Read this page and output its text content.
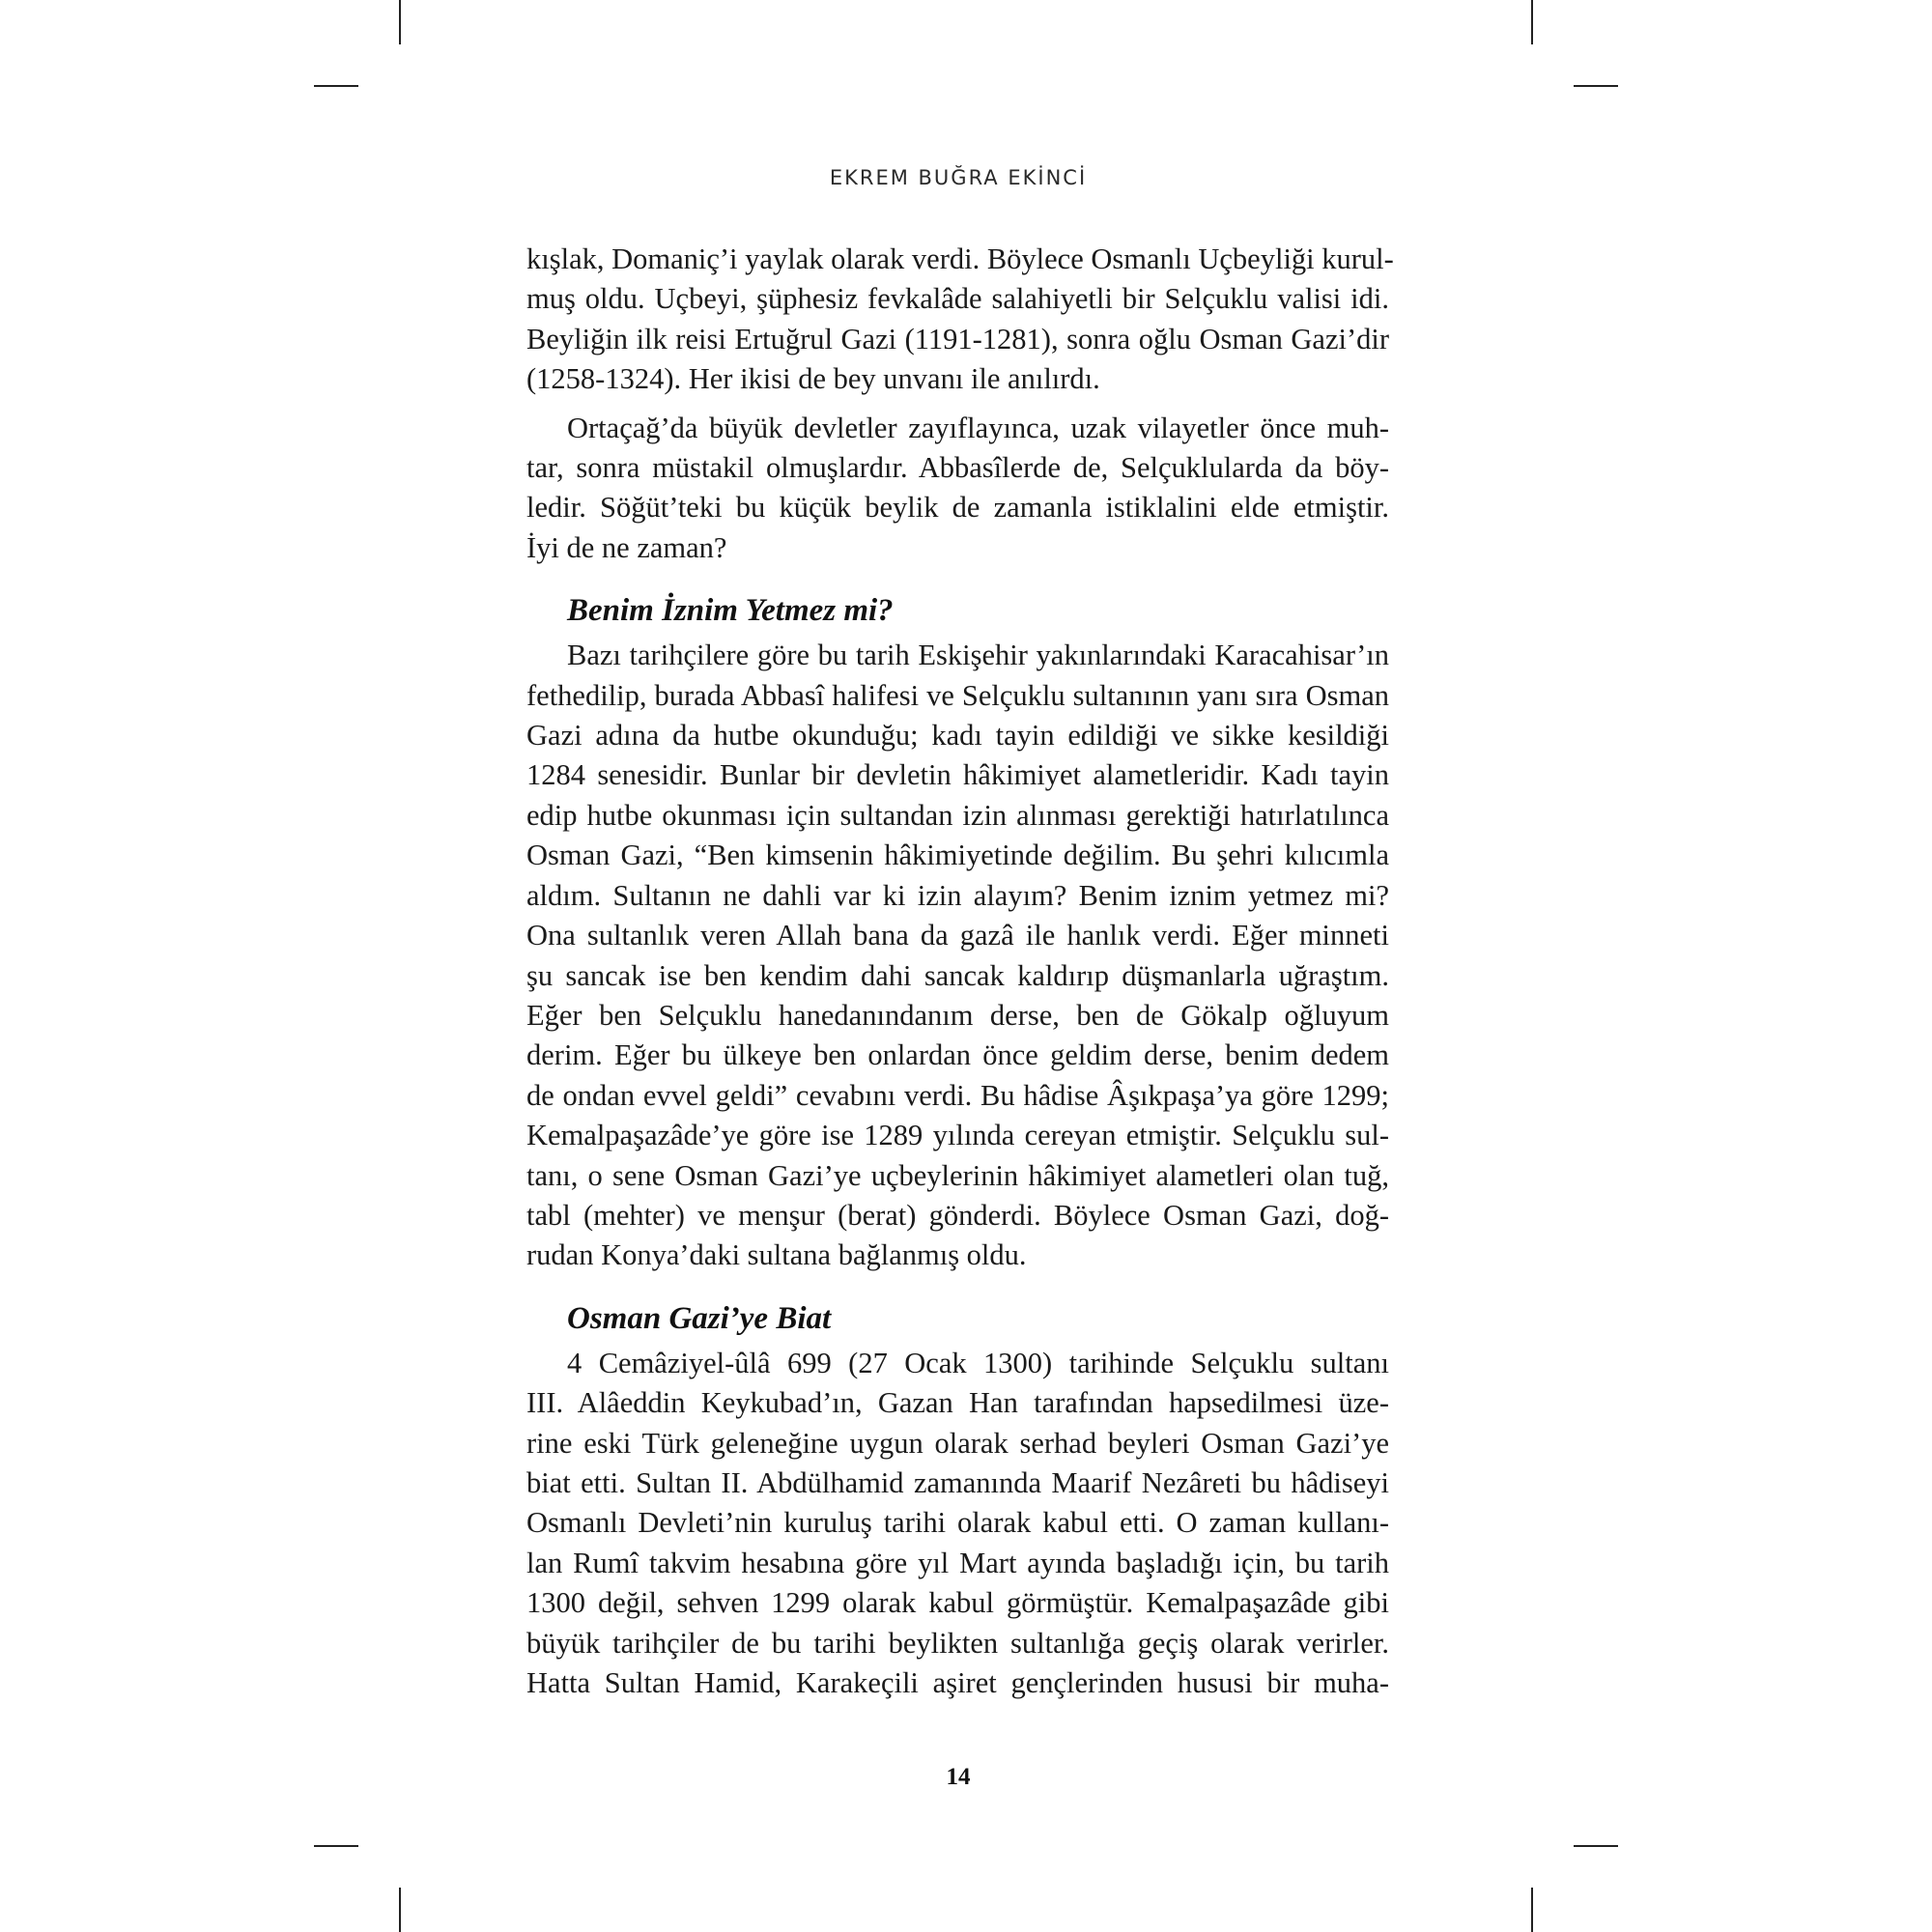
EKREM BUĞRA EKİNCİ

kışlak, Domaniç’i yaylak olarak verdi. Böylece Osmanlı Uçbeyliği kurul-
muş oldu. Uçbeyi, şüphesiz fevkalâde salahiyetli bir Selçuklu valisi idi.
Beyliğin ilk reisi Ertuğrul Gazi (1191-1281), sonra oğlu Osman Gazi’dir
(1258-1324). Her ikisi de bey unvanı ile anılırdı.

Ortaçağ’da büyük devletler zayıflayınca, uzak vilayetler önce muh-
tar, sonra müstakil olmuşlardır. Abbasîlerde de, Selçuklularda da böy-
ledir. Söğüt’teki bu küçük beylik de zamanla istiklalini elde etmiştir.
İyi de ne zaman?

Benim İznim Yetmez mi?

Bazı tarihçilere göre bu tarih Eskişehir yakınlarındaki Karacahisar’ın
fethedilip, burada Abbasî halifesi ve Selçuklu sultanının yanı sıra Osman
Gazi adına da hutbe okunduğu; kadı tayin edildiği ve sikke kesildiği
1284 senesidir. Bunlar bir devletin hâkimiyet alametleridir. Kadı tayin
edip hutbe okunması için sultandan izin alınması gerektiği hatırlatılınca
Osman Gazi, “Ben kimsenin hâkimiyetinde değilim. Bu şehri kılıcımla
aldım. Sultanın ne dahli var ki izin alayım? Benim iznim yetmez mi?
Ona sultanlık veren Allah bana da gazâ ile hanlık verdi. Eğer minneti
şu sancak ise ben kendim dahi sancak kaldırıp düşmanlarla uğraştım.
Eğer ben Selçuklu hanedanındanım derse, ben de Gökalp oğluyum
derim. Eğer bu ülkeye ben onlardan önce geldim derse, benim dedem
de ondan evvel geldi” cevabını verdi. Bu hâdise Âşıkpaşa’ya göre 1299;
Kemalpaşazâde’ye göre ise 1289 yılında cereyan etmiştir. Selçuklu sul-
tanı, o sene Osman Gazi’ye uçbeylerinin hâkimiyet alametleri olan tuğ,
tabl (mehter) ve menşur (berat) gönderdi. Böylece Osman Gazi, doğ-
rudan Konya’daki sultana bağlanmış oldu.

Osman Gazi’ye Biat

4 Cemâziyel-ûlâ 699 (27 Ocak 1300) tarihinde Selçuklu sultanı
III. Alâeddin Keykubad’ın, Gazan Han tarafından hapsedilmesi üze-
rine eski Türk geleneğine uygun olarak serhad beyleri Osman Gazi’ye
biat etti. Sultan II. Abdülhamid zamanında Maarif Nezâreti bu hâdiseyi
Osmanlı Devleti’nin kuruluş tarihi olarak kabul etti. O zaman kullanı-
lan Rumî takvim hesabına göre yıl Mart ayında başladığı için, bu tarih
1300 değil, sehven 1299 olarak kabul görmüştür. Kemalpaşazâde gibi
büyük tarihçiler de bu tarihi beylikten sultanlığa geçiş olarak verirler.
Hatta Sultan Hamid, Karakeçili aşiret gençlerinden hususi bir muha-

14
